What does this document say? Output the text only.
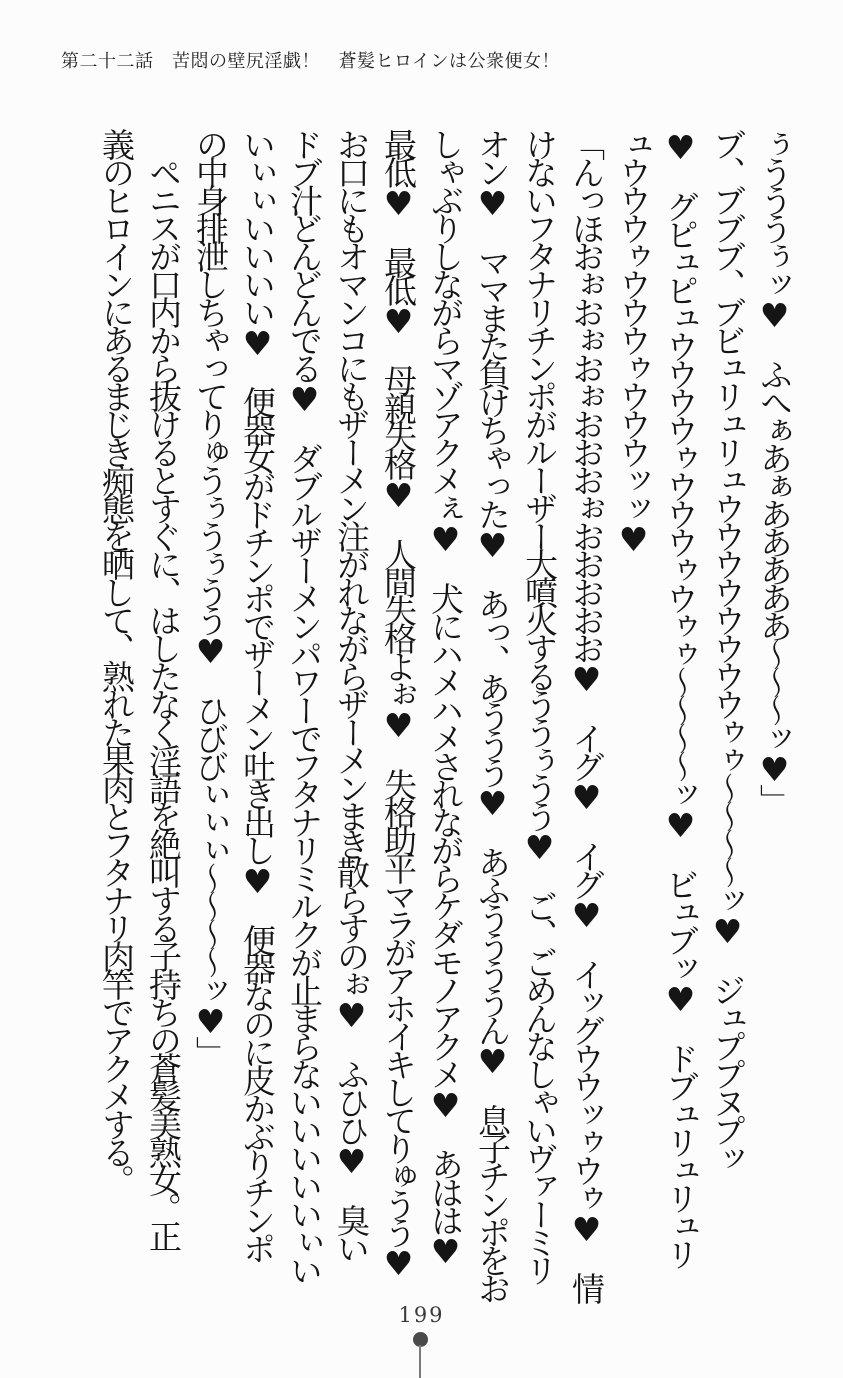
第二十二話　苦悶の壁尻淫戯！　蒼髪ヒロインは公衆便女！

ぅうううぅッ♥　ふへぁあぁあああああ～～～ッ♥」

ブ、ブブブ、ブビュリュリュウウウウウウウウゥゥ～～～～ッ♥　ジュププヌプッ

♥　グピュピュウウウウゥウウウゥウゥゥ～～～～ッ♥　ビュブッ♥　ドブュリュリュリ

ュウウウゥウウウゥウウウッッ♥

「んっほおぉおぉおぉおおおぉおおおおお♥　イグ♥　イグ♥　イッグウウッゥウゥ♥　情

けないフタナリチンポがルーザー大噴火するううぅうう♥　ご、ごめんなしゃいヴァーミリ

オン♥　ママまた負けちゃった♥　あっ、あううう♥　あふううううん♥　息子チンポをお

しゃぶりしながらマゾアクメぇ♥　犬にハメハメされながらケダモノアクメ♥　あはは♥

最低♥　最低♥　母親失格♥　人間失格よぉ♥　失格助平マラがアホイキしてりゅうう♥

お口にもオマンコにもザーメン注がれながらザーメンまき散らすのぉ♥　ふひひ♥　臭い

ドブ汁どんどんでる♥　ダブルザーメンパワーでフタナリミルクが止まらないいいいいぃい

いぃぃいいいい♥　便器女がドチンポでザーメン吐き出し♥　便器なのに皮かぶりチンポ

の中身排泄しちゃってりゅうぅうぅうう♥　ひびびぃぃぃ～～～～ッ♥」

　ペニスが口内から抜けるとすぐに、はしたなく淫語を絶叫する子持ちの蒼髪美熟女。正

義のヒロインにあるまじき痴態を晒して、熟れた果肉とフタナリ肉竿でアクメする。

199
